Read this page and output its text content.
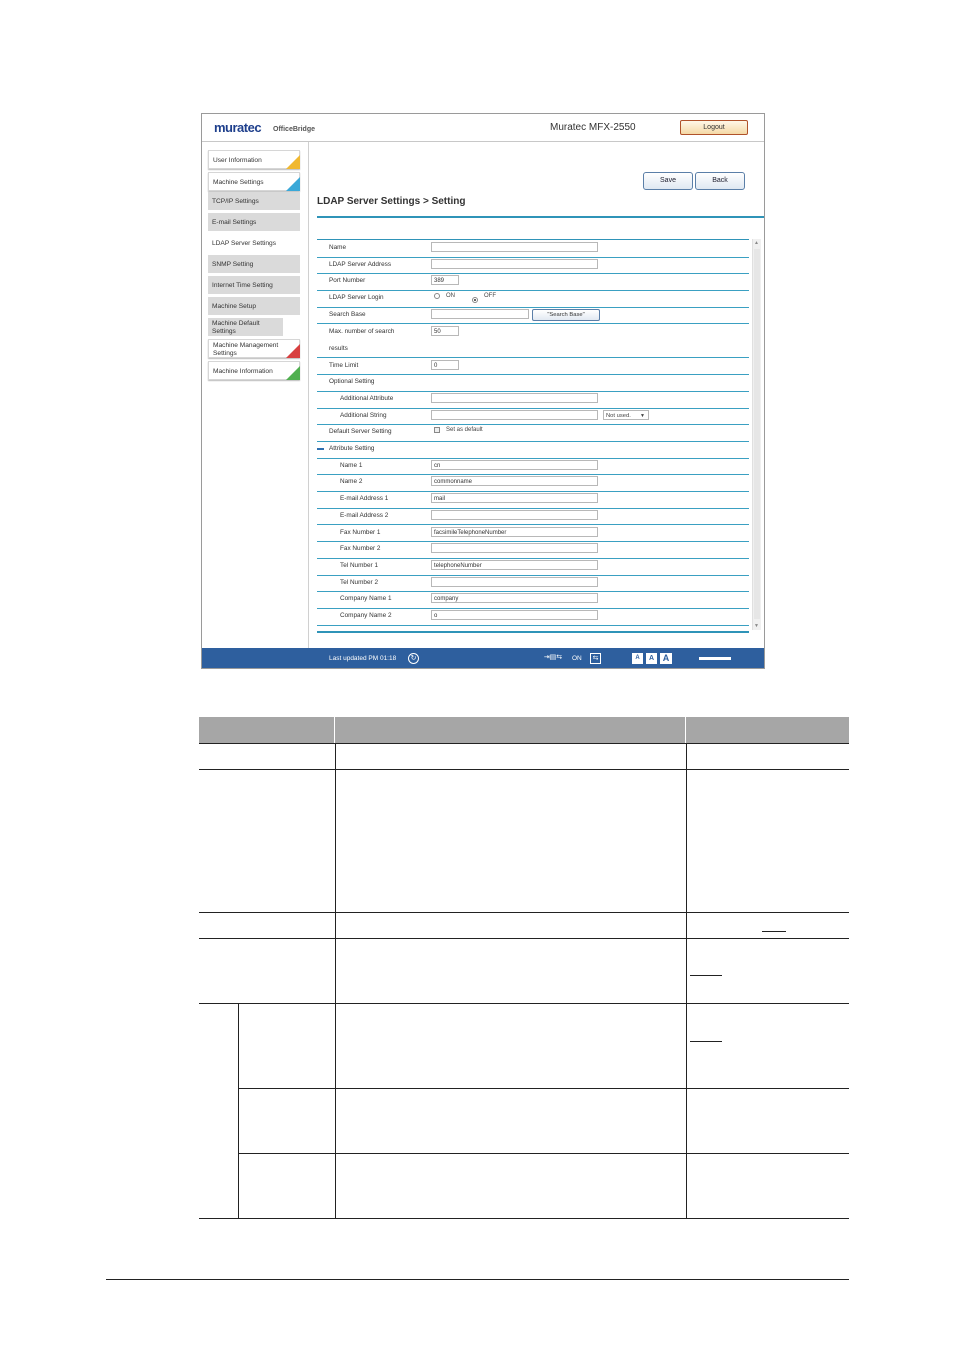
muratec OfficeBridge	Muratec MFX-2550	Logout
User Information
Machine Settings
TCP/IP Settings
E-mail Settings
LDAP Server Settings
SNMP Setting
Internet Time Setting
Machine Setup
Machine Default Settings
Machine Management Settings
Machine Information
Save	Back
LDAP Server Settings > Setting
Name
LDAP Server Address
Port Number	389
LDAP Server Login	ON	OFF
Search Base	"Search Base"
Max. number of search
results
50
Time Limit	0
Optional Setting
Additional Attribute
Additional String	Not used. ▼
Default Server Setting	Set as default
Attribute Setting
Name 1	cn
Name 2	commonname
E-mail Address 1	mail
E-mail Address 2
Fax Number 1	facsimileTelephoneNumber
Fax Number 2
Tel Number 1	telephoneNumber
Tel Number 2
Company Name 1	company
Company Name 2	o
▲
▼
Last updated PM 01:18	↻	⇥▤⇆	ON	⇆	A	A A
